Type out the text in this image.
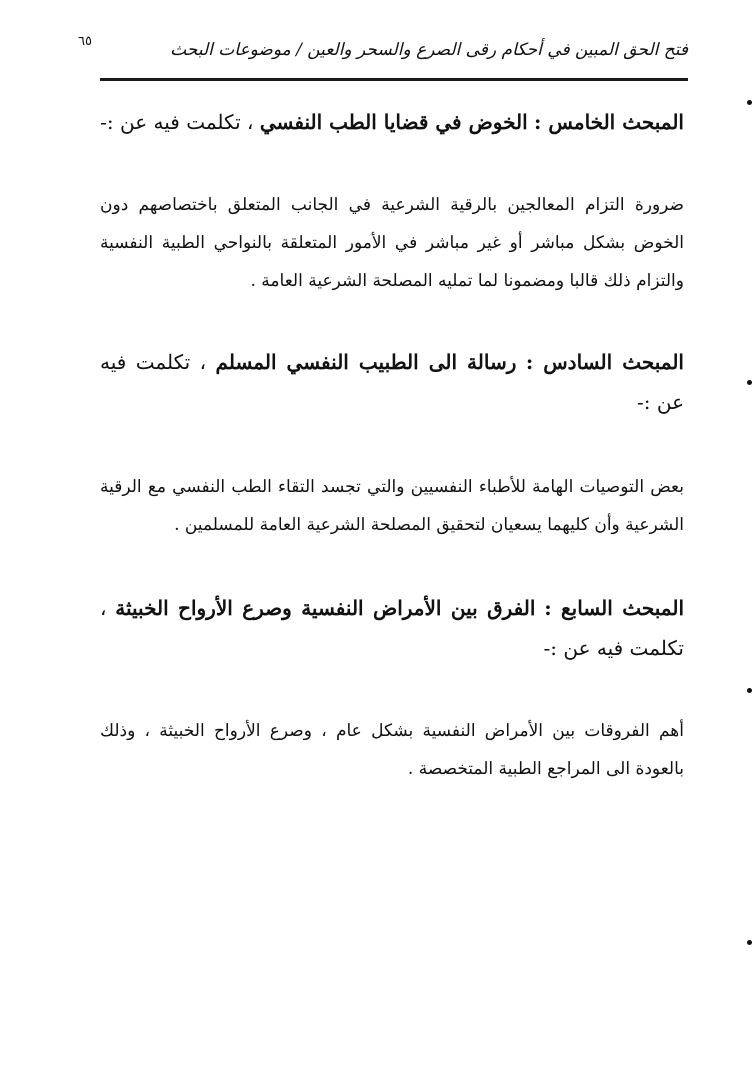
٦٥	فتح الحق المبين في أحكام رقى الصرع والسحر والعين / موضوعات البحث

المبحث الخامس : الخوض في قضايا الطب النفسي ، تكلمت فيه عن :-

ضرورة التزام المعالجين بالرقية الشرعية في الجانب المتعلق باختصاصهم دون الخوض بشكل مباشر أو غير مباشر في الأمور المتعلقة بالنواحي الطبية النفسية والتزام ذلك قالبا ومضمونا لما تمليه المصلحة الشرعية العامة .

المبحث السادس : رسالة الى الطبيب النفسي المسلم ، تكلمت فيه عن :-

بعض التوصيات الهامة للأطباء النفسيين والتي تجسد التقاء الطب النفسي مع الرقية الشرعية وأن كليهما يسعيان لتحقيق المصلحة الشرعية العامة للمسلمين .

المبحث السابع : الفرق بين الأمراض النفسية وصرع الأرواح الخبيثة ، تكلمت فيه عن :-

أهم الفروقات بين الأمراض النفسية بشكل عام ، وصرع الأرواح الخبيثة ، وذلك بالعودة الى المراجع الطبية المتخصصة .
